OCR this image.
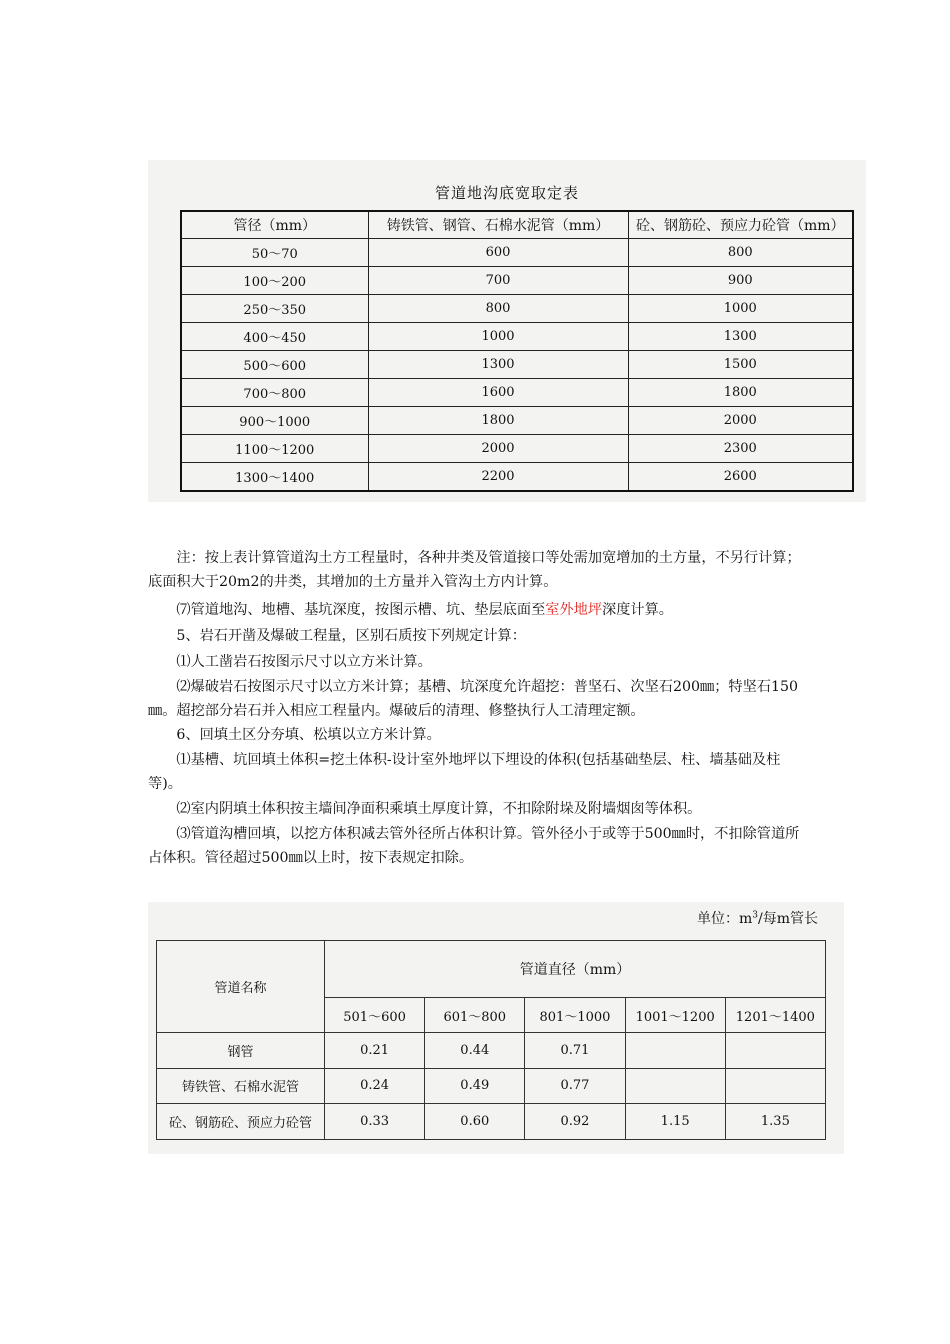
管道地沟底宽取定表
管径（mm）	铸铁管、钢管、石棉水泥管（mm）	砼、钢筋砼、预应力砼管（mm）
50～70	600	800
100～200	700	900
250～350	800	1000
400～450	1000	1300
500～600	1300	1500
700～800	1600	1800
900～1000	1800	2000
1100～1200	2000	2300
1300～1400	2200	2600

注：按上表计算管道沟土方工程量时，各种井类及管道接口等处需加宽增加的土方量，不另行计算；底面积大于20m2的井类，其增加的土方量并入管沟土方内计算。

⑺管道地沟、地槽、基坑深度，按图示槽、坑、垫层底面至室外地坪深度计算。

5、岩石开凿及爆破工程量，区别石质按下列规定计算：

⑴人工凿岩石按图示尺寸以立方米计算。

⑵爆破岩石按图示尺寸以立方米计算；基槽、坑深度允许超挖：普坚石、次坚石200㎜；特坚石150㎜。超挖部分岩石并入相应工程量内。爆破后的清理、修整执行人工清理定额。

6、回填土区分夯填、松填以立方米计算。

⑴基槽、坑回填土体积=挖土体积-设计室外地坪以下埋设的体积(包括基础垫层、柱、墙基础及柱等)。

⑵室内阴填土体积按主墙间净面积乘填土厚度计算，不扣除附垛及附墙烟囱等体积。

⑶管道沟槽回填，以挖方体积减去管外径所占体积计算。管外径小于或等于500㎜时，不扣除管道所占体积。管径超过500㎜以上时，按下表规定扣除。

单位：$m^3/$每m管长
管道名称	管道直径（mm）				
	501～600	601～800	801～1000	1001～1200	1201～1400
钢管	0.21	0.44	0.71		
铸铁管、石棉水泥管	0.24	0.49	0.77		
砼、钢筋砼、预应力砼管	0.33	0.60	0.92	1.15	1.35
